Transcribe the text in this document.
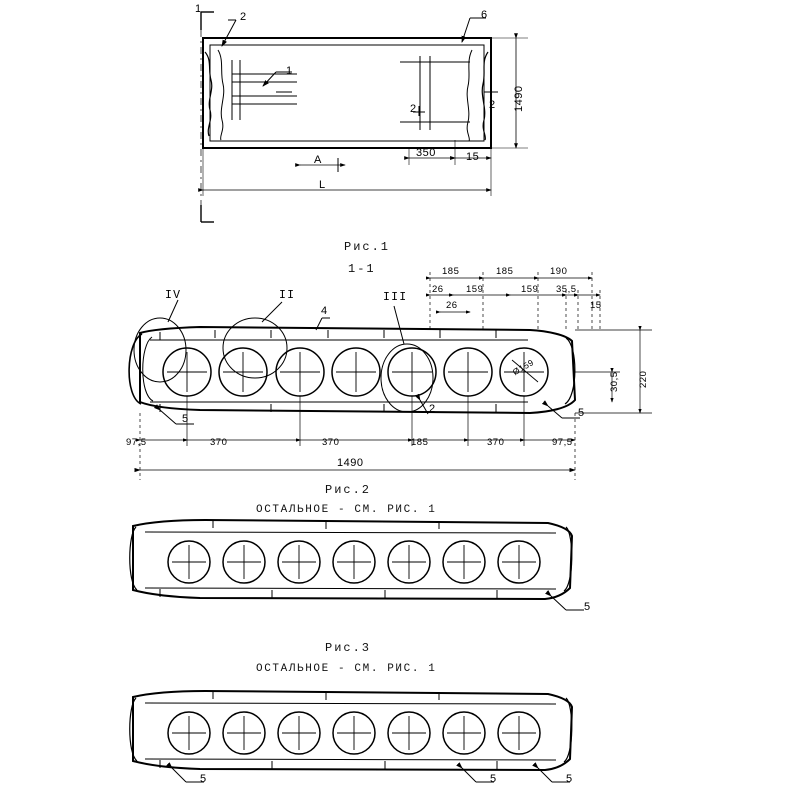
1
2	6
1
2	2 1490
350	15
A
L
Рис.1
1-1
IV	II	III
4
5
2	5
Ø159
185	185	190
26 159	159 35,5
15
26
97,5	370	370	185	370	97,5
1490
30,5 220
Рис.2
ОСТАЛЬНОЕ - СМ. РИС. 1
5
Рис.3
ОСТАЛЬНОЕ - СМ. РИС. 1
5	5	5
